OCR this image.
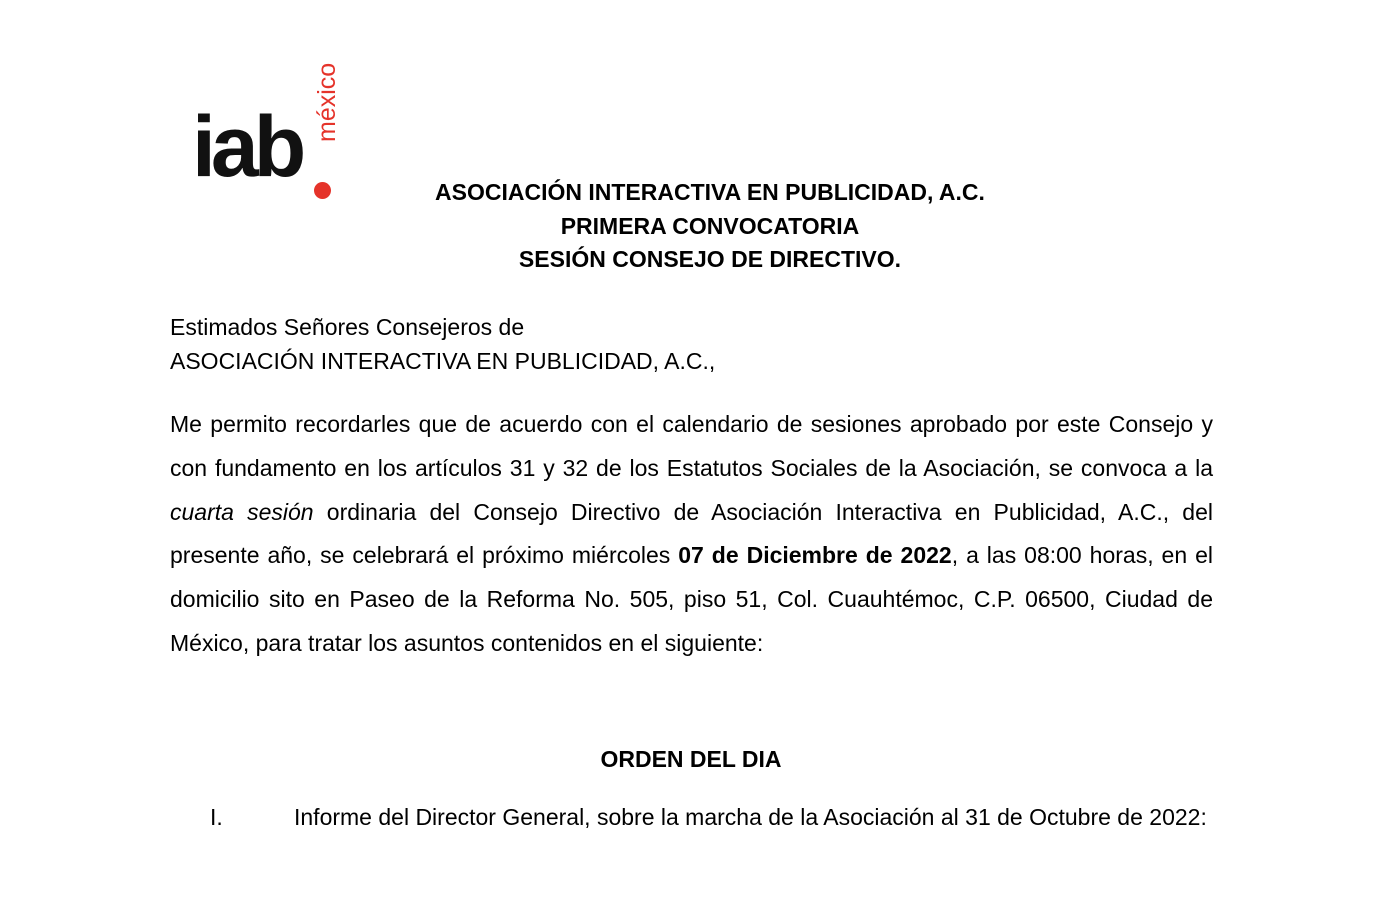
iab méxico
ASOCIACIÓN INTERACTIVA EN PUBLICIDAD, A.C.
PRIMERA CONVOCATORIA
SESIÓN CONSEJO DE DIRECTIVO.
Estimados Señores Consejeros de
ASOCIACIÓN INTERACTIVA EN PUBLICIDAD, A.C.,

Me permito recordarles que de acuerdo con el calendario de sesiones aprobado por este Consejo y con fundamento en los artículos 31 y 32 de los Estatutos Sociales de la Asociación, se convoca a la cuarta sesión ordinaria del Consejo Directivo de Asociación Interactiva en Publicidad, A.C., del presente año, se celebrará el próximo miércoles 07 de Diciembre de 2022, a las 08:00 horas, en el domicilio sito en Paseo de la Reforma No. 505, piso 51, Col. Cuauhtémoc, C.P. 06500, Ciudad de México, para tratar los asuntos contenidos en el siguiente:

ORDEN DEL DIA
I.	Informe del Director General, sobre la marcha de la Asociación al 31 de Octubre de 2022:
